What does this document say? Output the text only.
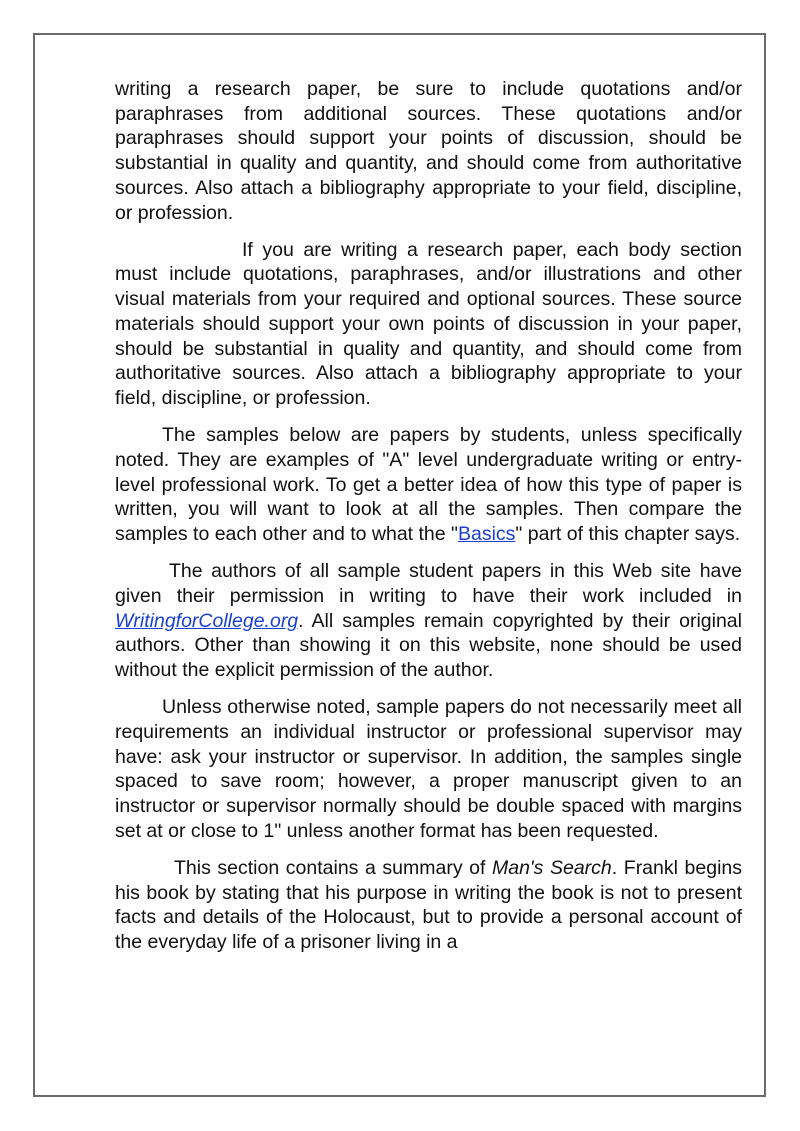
writing a research paper, be sure to include quotations and/or paraphrases from additional sources. These quotations and/or paraphrases should support your points of discussion, should be substantial in quality and quantity, and should come from authoritative sources. Also attach a bibliography appropriate to your field, discipline, or profession.

If you are writing a research paper, each body section must include quotations, paraphrases, and/or illustrations and other visual materials from your required and optional sources. These source materials should support your own points of discussion in your paper, should be substantial in quality and quantity, and should come from authoritative sources. Also attach a bibliography appropriate to your field, discipline, or profession.

The samples below are papers by students, unless specifically noted. They are examples of "A" level undergraduate writing or entry-level professional work. To get a better idea of how this type of paper is written, you will want to look at all the samples. Then compare the samples to each other and to what the "Basics" part of this chapter says.

The authors of all sample student papers in this Web site have given their permission in writing to have their work included in WritingforCollege.org. All samples remain copyrighted by their original authors. Other than showing it on this website, none should be used without the explicit permission of the author.

Unless otherwise noted, sample papers do not necessarily meet all requirements an individual instructor or professional supervisor may have: ask your instructor or supervisor. In addition, the samples single spaced to save room; however, a proper manuscript given to an instructor or supervisor normally should be double spaced with margins set at or close to 1" unless another format has been requested.

This section contains a summary of Man's Search. Frankl begins his book by stating that his purpose in writing the book is not to present facts and details of the Holocaust, but to provide a personal account of the everyday life of a prisoner living in a
